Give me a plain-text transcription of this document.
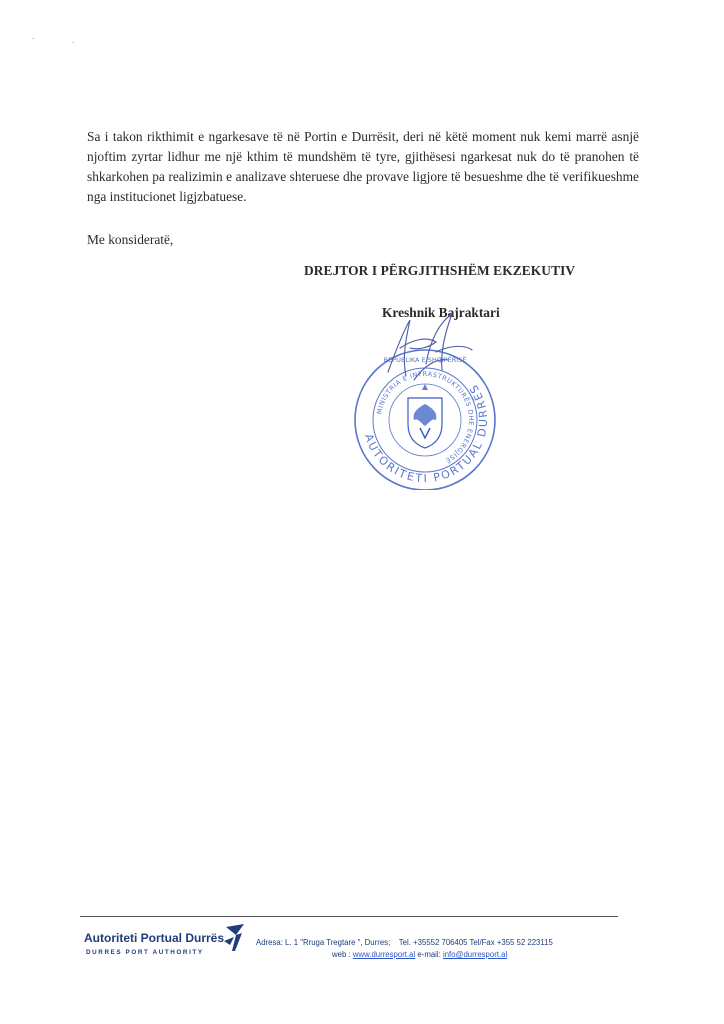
Sa i takon rikthimit e ngarkesave të në Portin e Durrësit, deri në këtë moment nuk kemi marrë asnjë njoftim zyrtar lidhur me një kthim të mundshëm të tyre, gjithësesi ngarkesat nuk do të pranohen të shkarkohen pa realizimin e analizave shteruese dhe provave ligjore të besueshme dhe të verifikueshme nga institucionet ligjzbatuese.

Me konsideratë,
DREJTOR I PËRGJITHSHËM EKZEKUTIV
Kreshnik Bajraktari
AUTORITETI PORTUAL DURRËS
MINISTRIA E INFRASTRUKTURËS DHE ENERGJISË
REPUBLIKA E SHQIPËRISË
Autoriteti Portual Durrës
DURRES PORT AUTHORITY
Adresa: L. 1 "Rruga Tregtare ", Durres; Tel. +35552 706405 Tel/Fax +355 52 223115
web : www.durresport.al e-mail: info@durresport.al
